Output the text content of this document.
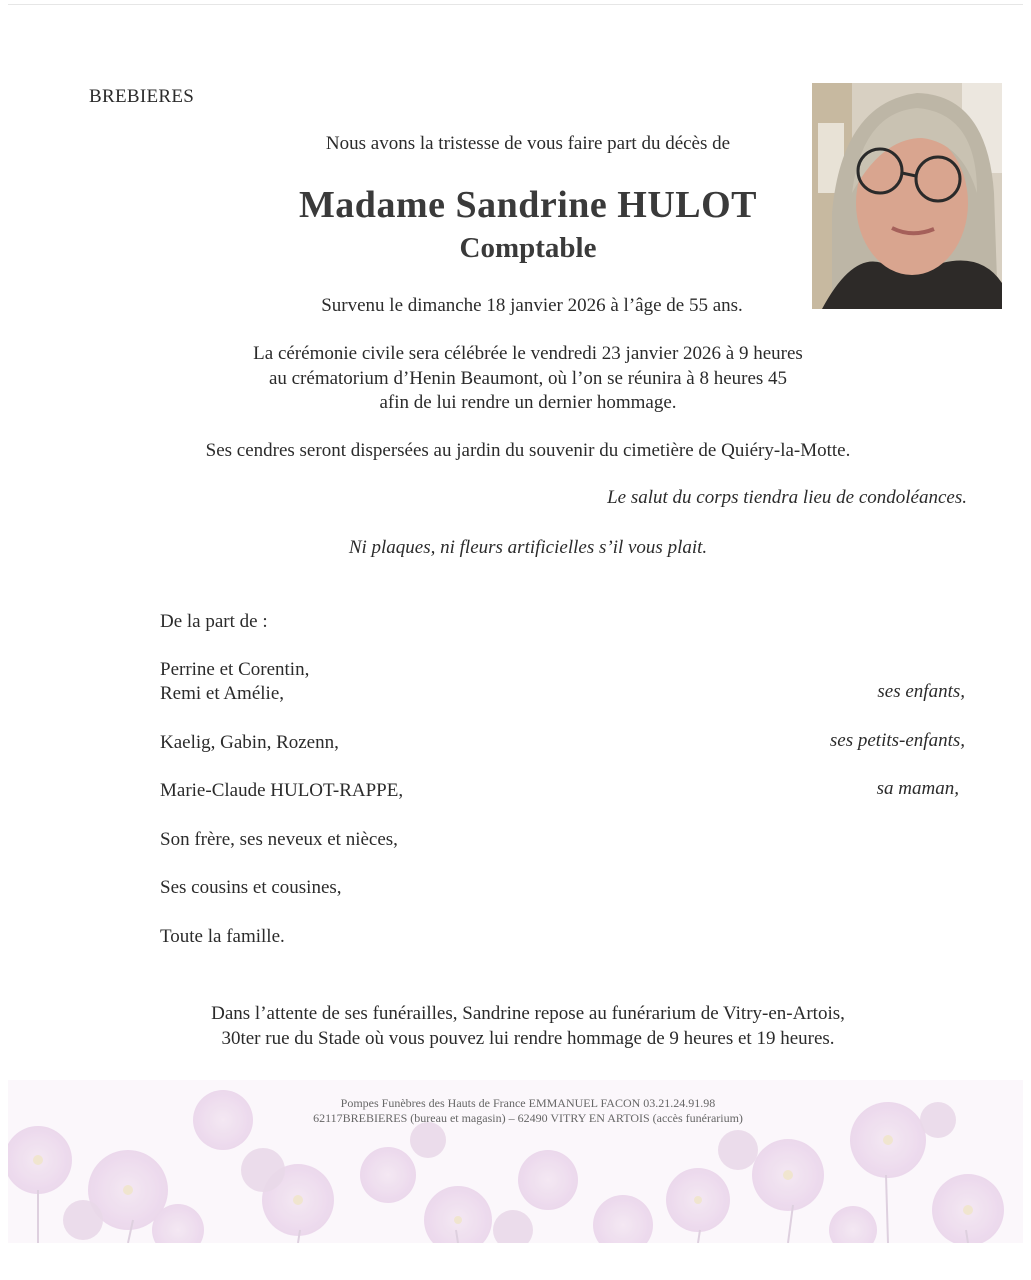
BREBIERES
Nous avons la tristesse de vous faire part du décès de
Madame Sandrine HULOT
Comptable
Survenu le dimanche 18 janvier 2026 à l’âge de 55 ans.
La cérémonie civile sera célébrée le vendredi 23 janvier 2026 à 9 heures
au crématorium d’Henin Beaumont, où l’on se réunira à 8 heures 45
afin de lui rendre un dernier hommage.
Ses cendres seront dispersées au jardin du souvenir du cimetière de Quiéry-la-Motte.
Le salut du corps tiendra lieu de condoléances.
Ni plaques, ni fleurs artificielles s’il vous plait.
De la part de :
Perrine et Corentin,
Remi et Amélie,	ses enfants,
Kaelig, Gabin, Rozenn,	ses petits-enfants,
Marie-Claude HULOT-RAPPE,	sa maman,
Son frère, ses neveux et nièces,
Ses cousins et cousines,
Toute la famille.
Dans l’attente de ses funérailles, Sandrine repose au funérarium de Vitry-en-Artois,
30ter rue du Stade où vous pouvez lui rendre hommage de 9 heures et 19 heures.
Pompes Funèbres des Hauts de France EMMANUEL FACON 03.21.24.91.98
62117BREBIERES (bureau et magasin) – 62490 VITRY EN ARTOIS (accès funérarium)
